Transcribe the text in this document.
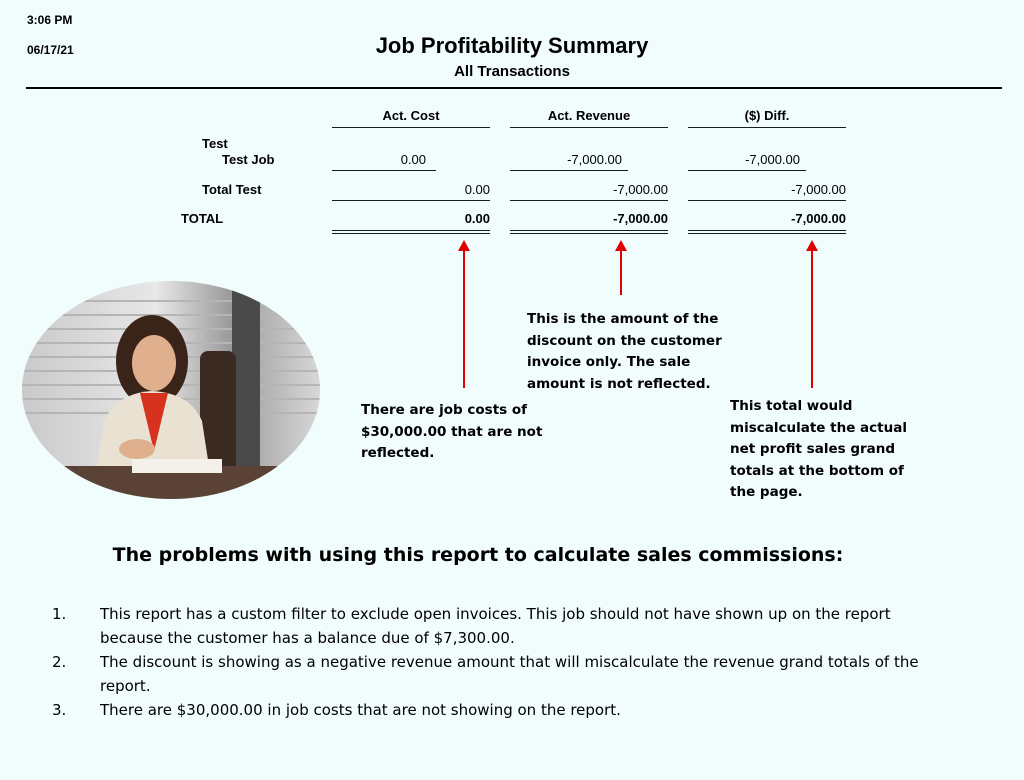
3:06 PM
06/17/21	Job Profitability Summary
All Transactions
Act. Cost	Act. Revenue	($) Diff.
Test
Test Job	0.00	-7,000.00	-7,000.00
Total Test	0.00	-7,000.00	-7,000.00
TOTAL	0.00	-7,000.00	-7,000.00
This is the amount of the discount on the customer invoice only. The sale amount is not reflected.
There are job costs of $30,000.00 that are not reflected.
This total would miscalculate the actual net profit sales grand totals at the bottom of the page.
The problems with using this report to calculate sales commissions:
1. This report has a custom filter to exclude open invoices. This job should not have shown up on the report because the customer has a balance due of $7,300.00.
2. The discount is showing as a negative revenue amount that will miscalculate the revenue grand totals of the report.
3. There are $30,000.00 in job costs that are not showing on the report.
